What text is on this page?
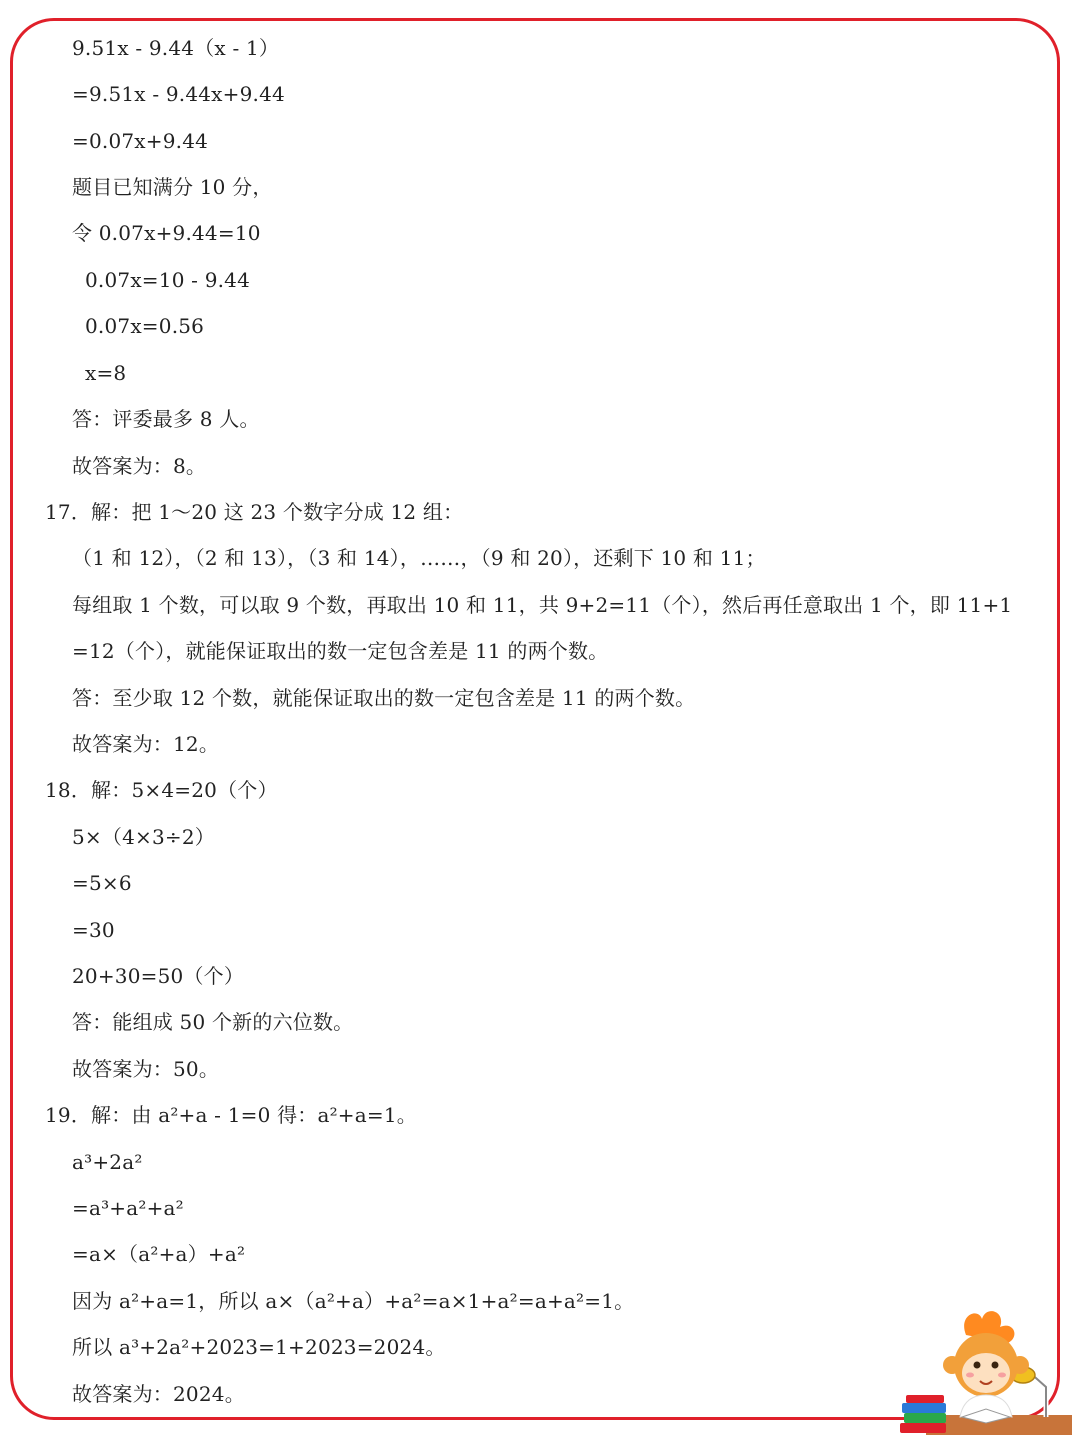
9.51x - 9.44（x - 1）
=9.51x - 9.44x+9.44
=0.07x+9.44
题目已知满分 10 分，
令 0.07x+9.44=10
0.07x=10 - 9.44
0.07x=0.56
x=8
答：评委最多 8 人。
故答案为：8。
17．解：把 1～20 这 23 个数字分成 12 组：
（1 和 12），（2 和 13），（3 和 14），……，（9 和 20），还剩下 10 和 11；
每组取 1 个数，可以取 9 个数，再取出 10 和 11，共 9+2=11（个），然后再任意取出 1 个，即 11+1
=12（个），就能保证取出的数一定包含差是 11 的两个数。
答：至少取 12 个数，就能保证取出的数一定包含差是 11 的两个数。
故答案为：12。
18．解：5×4=20（个）
5×（4×3÷2）
=5×6
=30
20+30=50（个）
答：能组成 50 个新的六位数。
故答案为：50。
19．解：由 a²+a - 1=0 得：a²+a=1。
a³+2a²
=a³+a²+a²
=a×（a²+a）+a²
因为 a²+a=1，所以 a×（a²+a）+a²=a×1+a²=a+a²=1。
所以 a³+2a²+2023=1+2023=2024。
故答案为：2024。
